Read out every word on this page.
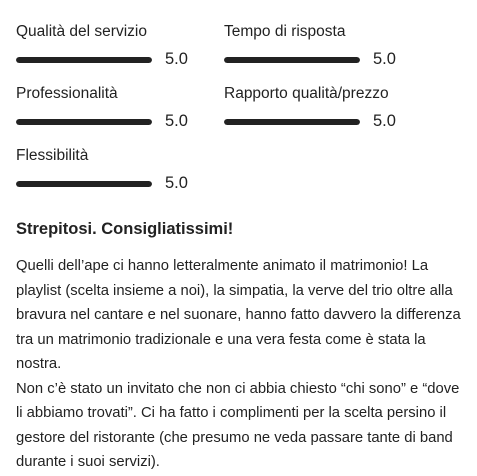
Qualità del servizio
5.0
Tempo di risposta
5.0
Professionalità
5.0
Rapporto qualità/prezzo
5.0
Flessibilità
5.0
Strepitosi. Consigliatissimi!

Quelli dell’ape ci hanno letteralmente animato il matrimonio! La playlist (scelta insieme a noi), la simpatia, la verve del trio oltre alla bravura nel cantare e nel suonare, hanno fatto davvero la differenza tra un matrimonio tradizionale e una vera festa come è stata la nostra.

Non c’è stato un invitato che non ci abbia chiesto “chi sono” e “dove li abbiamo trovati”. Ci ha fatto i complimenti per la scelta persino il gestore del ristorante (che presumo ne veda passare tante di band durante i suoi servizi).
